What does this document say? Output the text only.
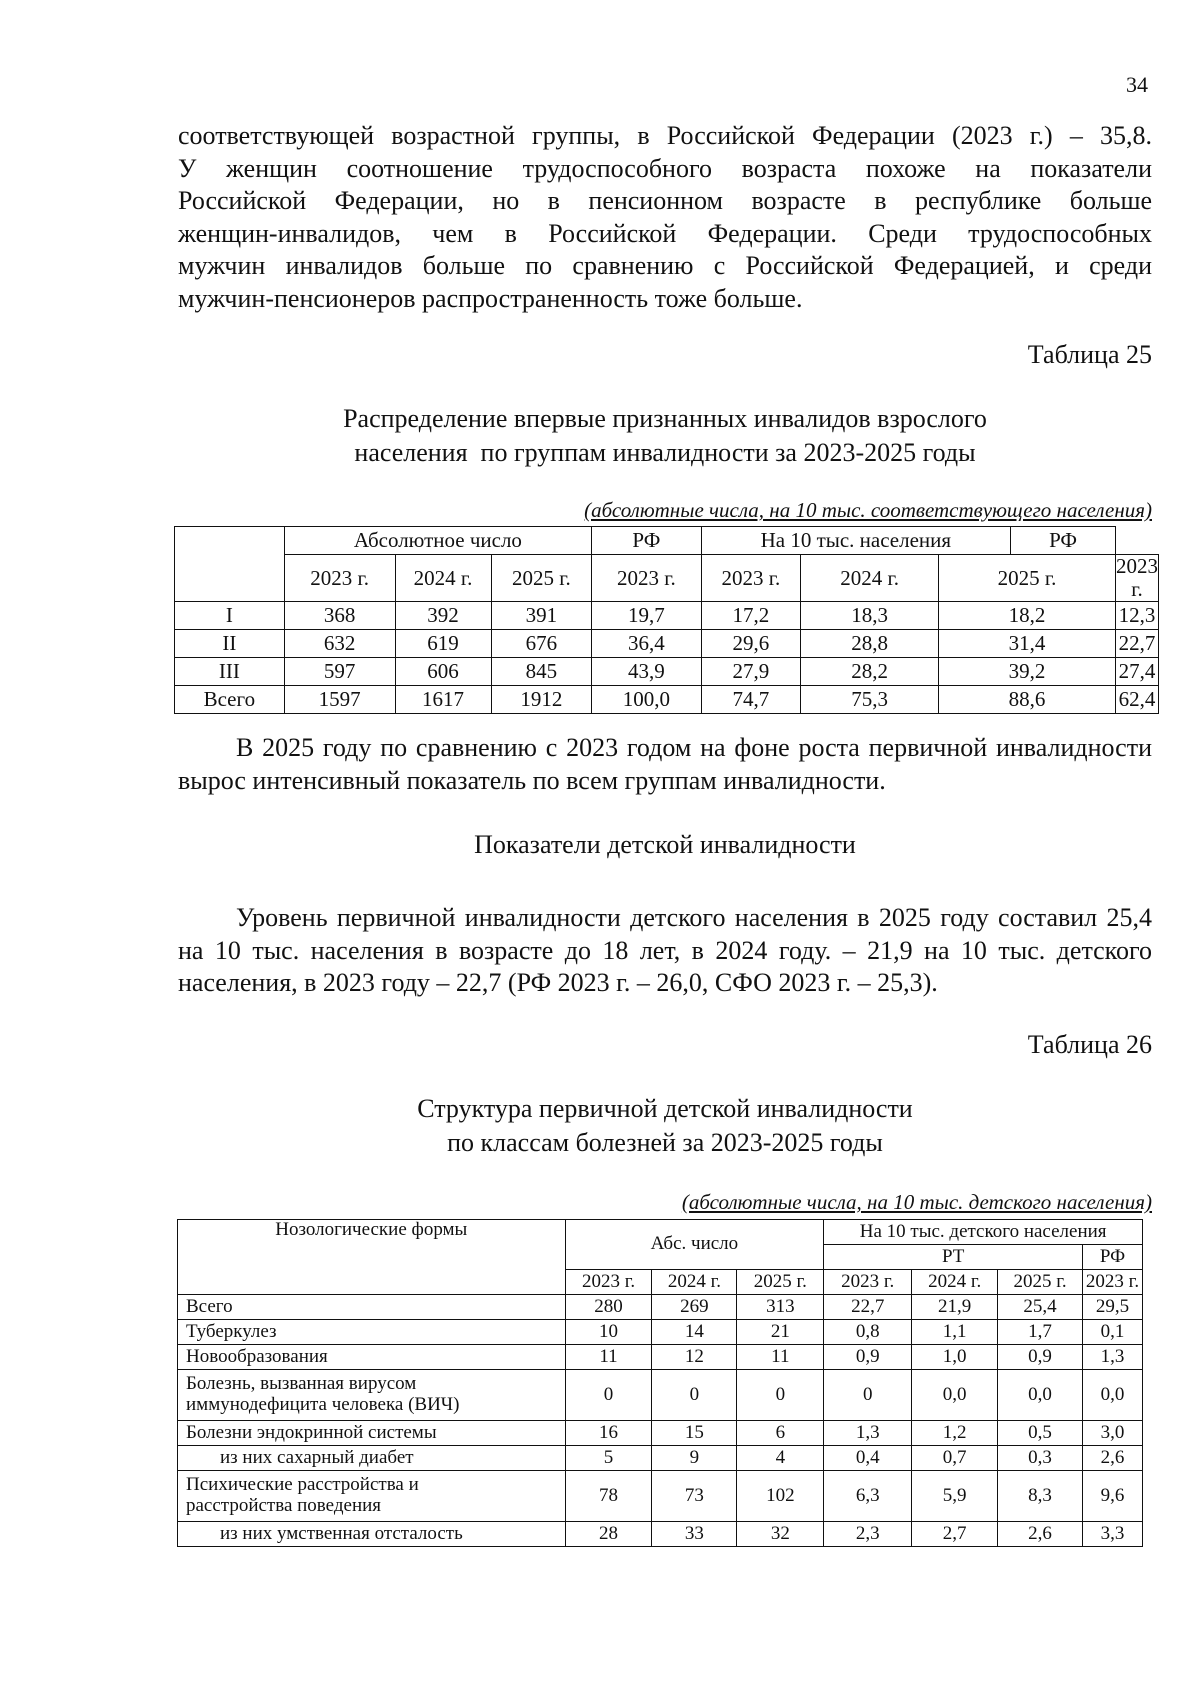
34
соответствующей возрастной группы, в Российской Федерации (2023 г.) – 35,8.
У женщин соотношение трудоспособного возраста похоже на показатели
Российской Федерации, но в пенсионном возрасте в республике больше
женщин-инвалидов, чем в Российской Федерации. Среди трудоспособных
мужчин инвалидов больше по сравнению с Российской Федерацией, и среди
мужчин-пенсионеров распространенность тоже больше.
Таблица 25
Распределение впервые признанных инвалидов взрослого
населения  по группам инвалидности за 2023-2025 годы
(абсолютные числа, на 10 тыс. соответствующего населения)
	Абсолютное число			РФ	На 10 тыс. населения			РФ	
	2023 г.	2024 г.	2025 г.	2023 г.	2023 г.	2024 г.	2025 г.		2023 г.
I	368	392	391	19,7	17,2	18,3	18,2		12,3
II	632	619	676	36,4	29,6	28,8	31,4		22,7
III	597	606	845	43,9	27,9	28,2	39,2		27,4
Всего	1597	1617	1912	100,0	74,7	75,3	88,6		62,4

В 2025 году по сравнению с 2023 годом на фоне роста первичной инвалидности вырос интенсивный показатель по всем группам инвалидности.

Показатели детской инвалидности

Уровень первичной инвалидности детского населения в 2025 году составил 25,4 на 10 тыс. населения в возрасте до 18 лет, в 2024 году. – 21,9 на 10 тыс. детского населения, в 2023 году – 22,7 (РФ 2023 г. – 26,0, СФО 2023 г. – 25,3).

Таблица 26
Структура первичной детской инвалидности
по классам болезней за 2023-2025 годы
(абсолютные числа, на 10 тыс. детского населения)
Нозологические формы	Абс. число			На 10 тыс. детского населения			
				РТ			РФ
	2023 г.	2024 г.	2025 г.	2023 г.	2024 г.	2025 г.	2023 г.
Всего	280	269	313	22,7	21,9	25,4	29,5
Туберкулез	10	14	21	0,8	1,1	1,7	0,1
Новообразования	11	12	11	0,9	1,0	0,9	1,3

Болезнь, вызванная вирусом
иммунодефицита человека (ВИЧ)	0	0	0	0	0,0	0,0	0,0
Болезни эндокринной системы	16	15	6	1,3	1,2	0,5	3,0
из них сахарный диабет	5	9	4	0,4	0,7	0,3	2,6

Психические расстройства и
расстройства поведения	78	73	102	6,3	5,9	8,3	9,6
из них умственная отсталость	28	33	32	2,3	2,7	2,6	3,3
